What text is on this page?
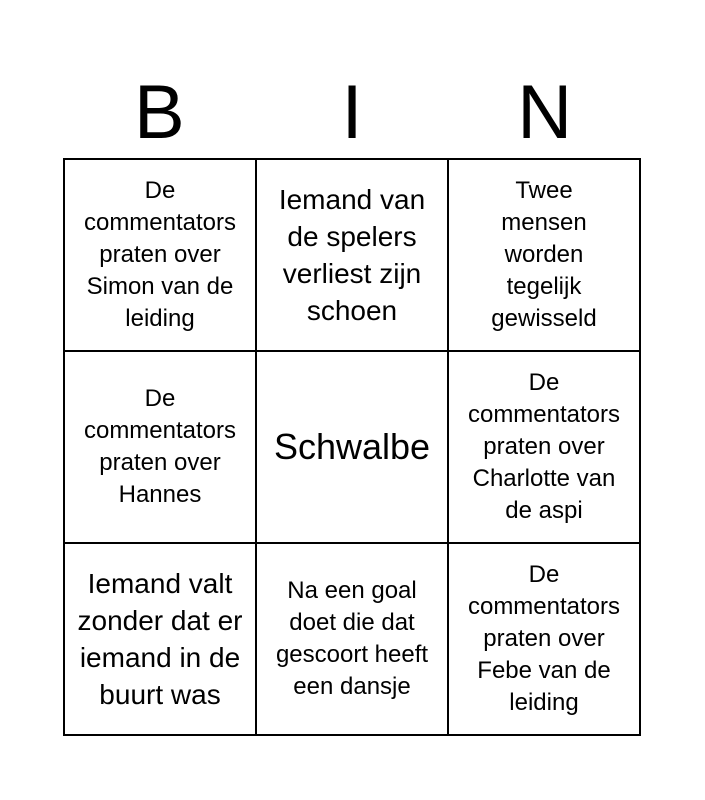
B	I	N
De commentators praten over Simon van de leiding
Iemand van de spelers verliest zijn schoen
Twee mensen worden tegelijk gewisseld
De commentators praten over Hannes
Schwalbe
De commentators praten over Charlotte van de aspi
Iemand valt zonder dat er iemand in de buurt was
Na een goal doet die dat gescoort heeft een dansje
De commentators praten over Febe van de leiding
